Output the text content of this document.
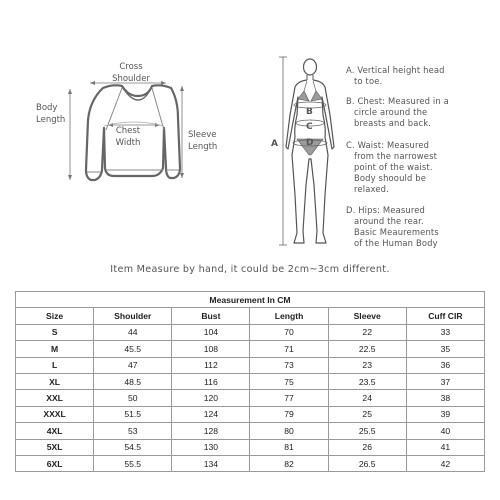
Cross
Shoulder
Body
Length
Chest
Width
Sleeve
Length	A
B
C
D
A. Vertical height head
to toe.
B. Chest: Measured in a
circle around the
breasts and back.
C. Waist: Measured
from the narrowest
point of the waist.
Body shoould be
relaxed.
D. Hips: Measured
around the rear.
Basic Meaurements
of the Human Body
Item Measure by hand, it could be 2cm~3cm different.
Measurement In CM					
Size	Shoulder	Bust	Length	Sleeve	Cuff CIR
S	44	104	70	22	33
M	45.5	108	71	22.5	35
L	47	112	73	23	36
XL	48.5	116	75	23.5	37
XXL	50	120	77	24	38
XXXL	51.5	124	79	25	39
4XL	53	128	80	25.5	40
5XL	54.5	130	81	26	41
6XL	55.5	134	82	26.5	42
